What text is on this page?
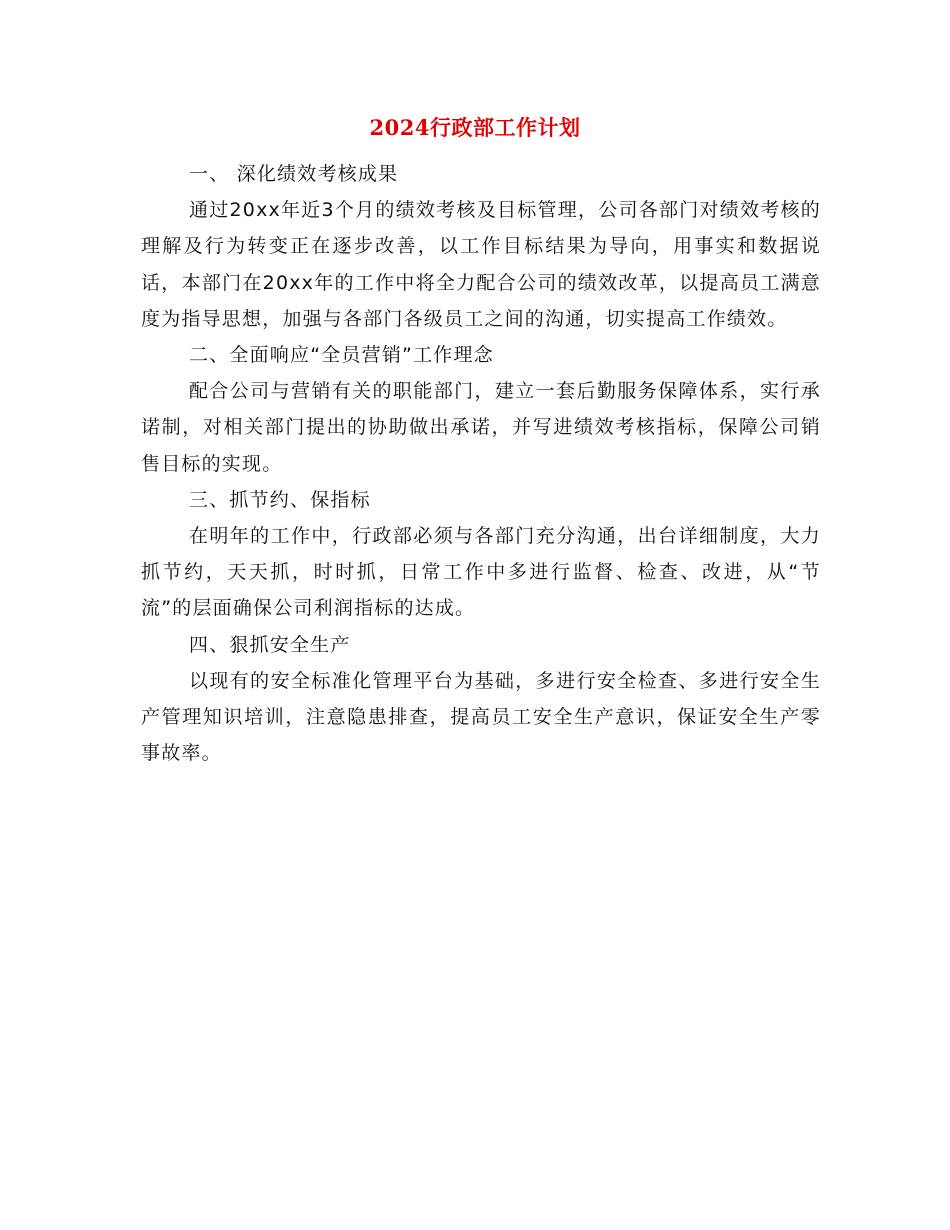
2024行政部工作计划

一、 深化绩效考核成果

通过20xx年近3个月的绩效考核及目标管理，公司各部门对绩效考核的理解及行为转变正在逐步改善，以工作目标结果为导向，用事实和数据说话，本部门在20xx年的工作中将全力配合公司的绩效改革，以提高员工满意度为指导思想，加强与各部门各级员工之间的沟通，切实提高工作绩效。

二、全面响应“全员营销”工作理念

配合公司与营销有关的职能部门，建立一套后勤服务保障体系，实行承诺制，对相关部门提出的协助做出承诺，并写进绩效考核指标，保障公司销售目标的实现。

三、抓节约、保指标

在明年的工作中，行政部必须与各部门充分沟通，出台详细制度，大力抓节约，天天抓，时时抓，日常工作中多进行监督、检查、改进，从“节流”的层面确保公司利润指标的达成。

四、狠抓安全生产

以现有的安全标准化管理平台为基础，多进行安全检查、多进行安全生产管理知识培训，注意隐患排查，提高员工安全生产意识，保证安全生产零事故率。
